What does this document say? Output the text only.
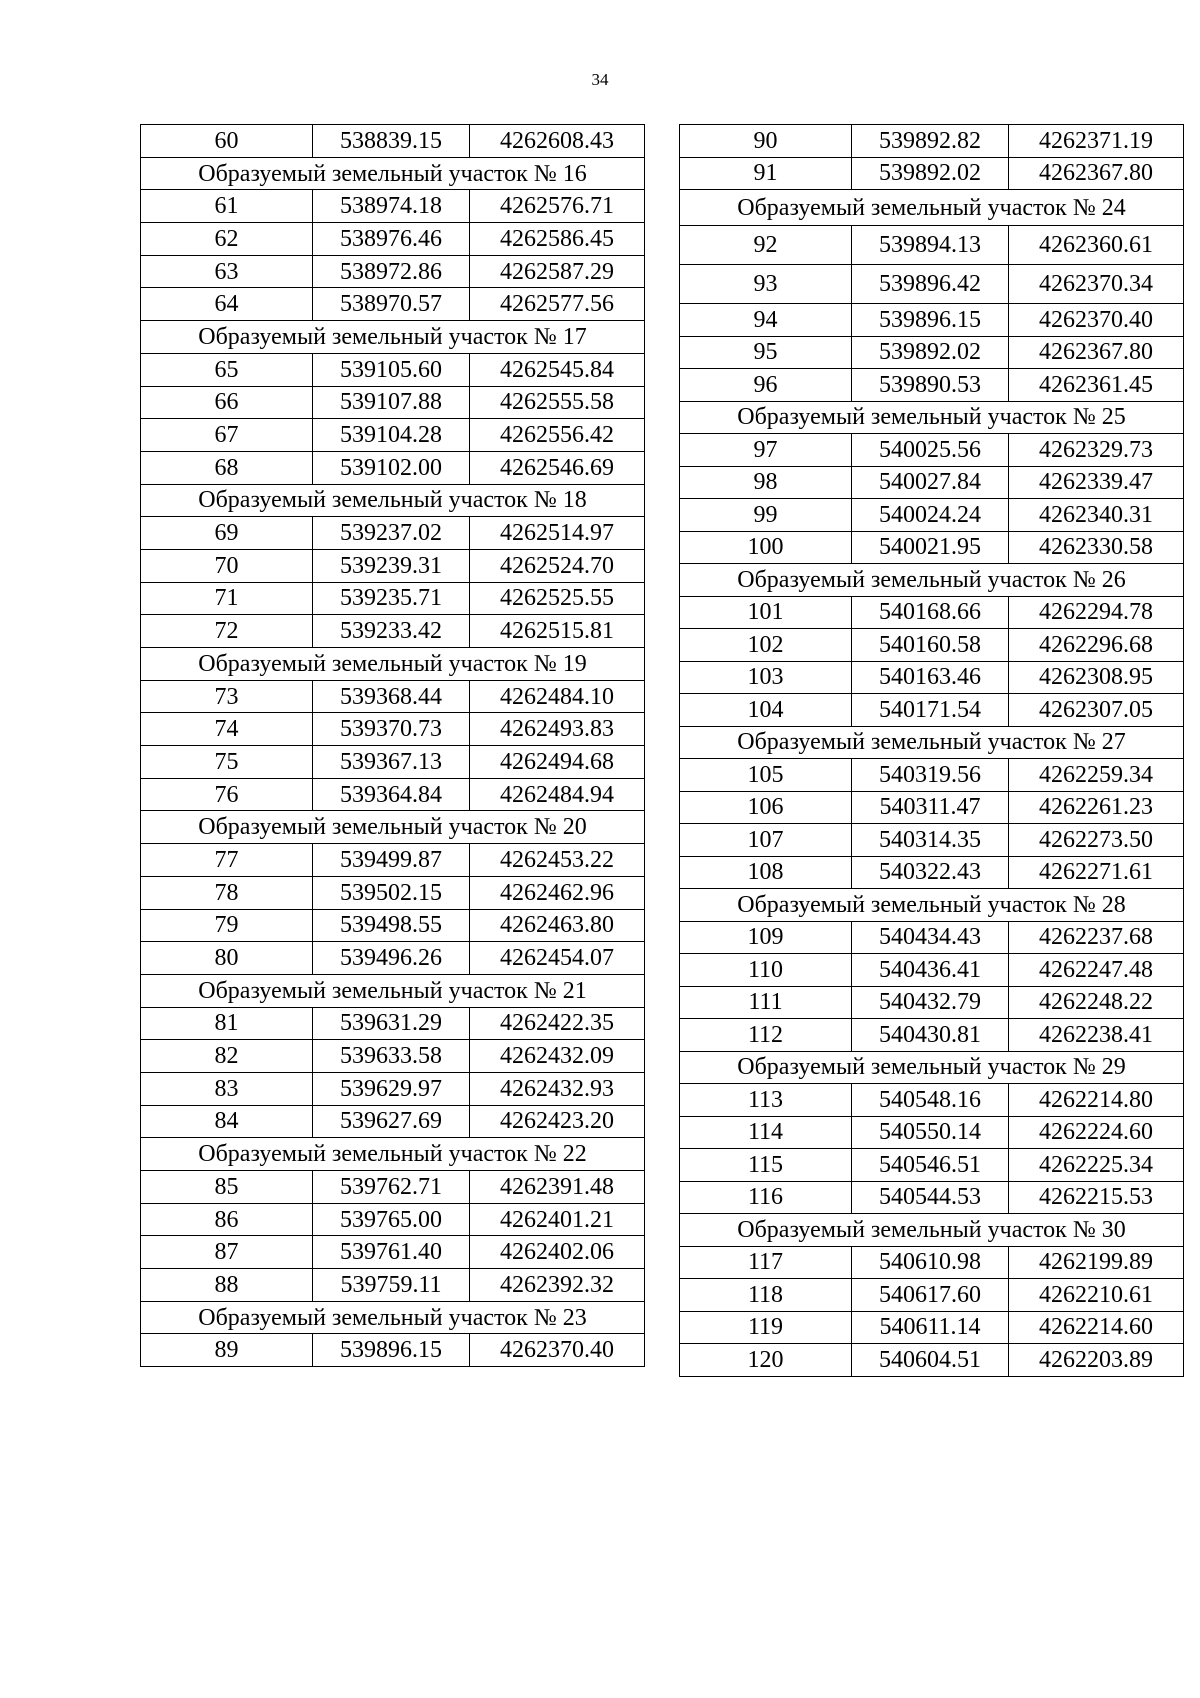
34
60	538839.15	4262608.43
Образуемый земельный участок № 16		
61	538974.18	4262576.71
62	538976.46	4262586.45
63	538972.86	4262587.29
64	538970.57	4262577.56
Образуемый земельный участок № 17		
65	539105.60	4262545.84
66	539107.88	4262555.58
67	539104.28	4262556.42
68	539102.00	4262546.69
Образуемый земельный участок № 18		
69	539237.02	4262514.97
70	539239.31	4262524.70
71	539235.71	4262525.55
72	539233.42	4262515.81
Образуемый земельный участок № 19		
73	539368.44	4262484.10
74	539370.73	4262493.83
75	539367.13	4262494.68
76	539364.84	4262484.94
Образуемый земельный участок № 20		
77	539499.87	4262453.22
78	539502.15	4262462.96
79	539498.55	4262463.80
80	539496.26	4262454.07
Образуемый земельный участок № 21		
81	539631.29	4262422.35
82	539633.58	4262432.09
83	539629.97	4262432.93
84	539627.69	4262423.20
Образуемый земельный участок № 22		
85	539762.71	4262391.48
86	539765.00	4262401.21
87	539761.40	4262402.06
88	539759.11	4262392.32
Образуемый земельный участок № 23		
89	539896.15	4262370.40
90	539892.82	4262371.19
91	539892.02	4262367.80
Образуемый земельный участок № 24		
92	539894.13	4262360.61
93	539896.42	4262370.34
94	539896.15	4262370.40
95	539892.02	4262367.80
96	539890.53	4262361.45
Образуемый земельный участок № 25		
97	540025.56	4262329.73
98	540027.84	4262339.47
99	540024.24	4262340.31
100	540021.95	4262330.58
Образуемый земельный участок № 26		
101	540168.66	4262294.78
102	540160.58	4262296.68
103	540163.46	4262308.95
104	540171.54	4262307.05
Образуемый земельный участок № 27		
105	540319.56	4262259.34
106	540311.47	4262261.23
107	540314.35	4262273.50
108	540322.43	4262271.61
Образуемый земельный участок № 28		
109	540434.43	4262237.68
110	540436.41	4262247.48
111	540432.79	4262248.22
112	540430.81	4262238.41
Образуемый земельный участок № 29		
113	540548.16	4262214.80
114	540550.14	4262224.60
115	540546.51	4262225.34
116	540544.53	4262215.53
Образуемый земельный участок № 30		
117	540610.98	4262199.89
118	540617.60	4262210.61
119	540611.14	4262214.60
120	540604.51	4262203.89
